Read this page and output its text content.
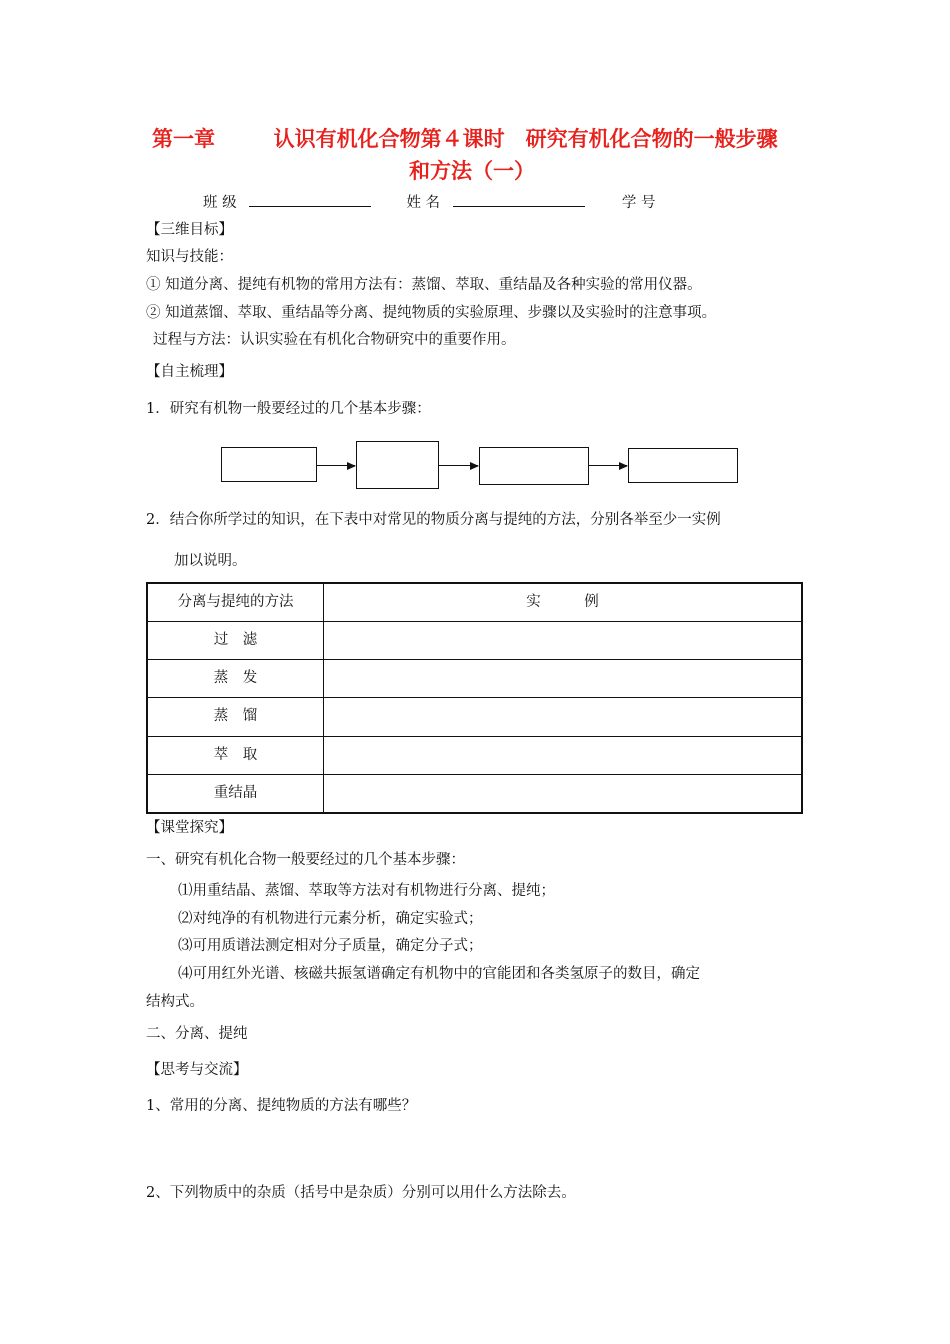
第一章	认识有机化合物第４课时　研究有机化合物的一般步骤
和方法（一）
班 级	姓 名	学 号
【三维目标】
知识与技能：
① 知道分离、提纯有机物的常用方法有：蒸馏、萃取、重结晶及各种实验的常用仪器。
② 知道蒸馏、萃取、重结晶等分离、提纯物质的实验原理、步骤以及实验时的注意事项。
过程与方法：认识实验在有机化合物研究中的重要作用。
【自主梳理】
1．研究有机物一般要经过的几个基本步骤：
2．结合你所学过的知识，在下表中对常见的物质分离与提纯的方法，分别各举至少一实例
加以说明。
分离与提纯的方法	实　　　例
过　滤	
蒸　发	
蒸　馏	
萃　取	
重结晶	
【课堂探究】
一、研究有机化合物一般要经过的几个基本步骤：
⑴用重结晶、蒸馏、萃取等方法对有机物进行分离、提纯；
⑵对纯净的有机物进行元素分析，确定实验式；
⑶可用质谱法测定相对分子质量，确定分子式；
⑷可用红外光谱、核磁共振氢谱确定有机物中的官能团和各类氢原子的数目，确定
结构式。
二、分离、提纯
【思考与交流】
1、常用的分离、提纯物质的方法有哪些？
2、下列物质中的杂质（括号中是杂质）分别可以用什么方法除去。
